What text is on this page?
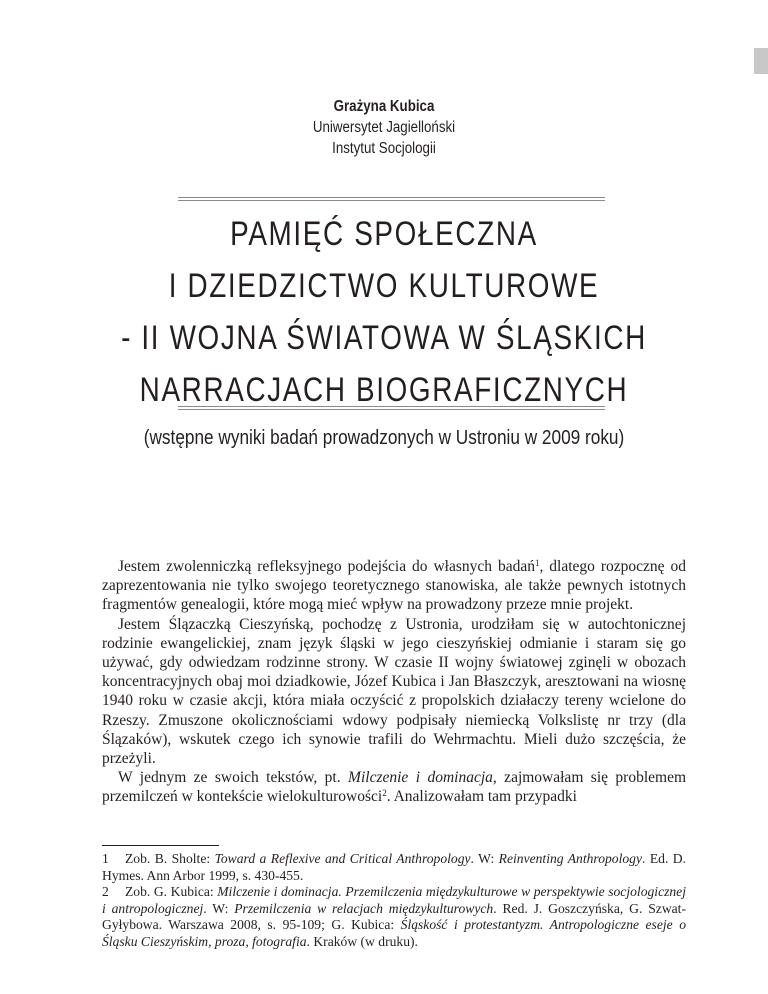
Grażyna Kubica
Uniwersytet Jagielloński
Instytut Socjologii
PAMIĘĆ SPOŁECZNA
I DZIEDZICTWO KULTUROWE
- II WOJNA ŚWIATOWA W ŚLĄSKICH
NARRACJACH BIOGRAFICZNYCH
(wstępne wyniki badań prowadzonych w Ustroniu w 2009 roku)

Jestem zwolenniczką refleksyjnego podejścia do własnych badań$^1$, dlatego rozpocznę od zaprezentowania nie tylko swojego teoretycznego stanowiska, ale także pewnych istotnych fragmentów genealogii, które mogą mieć wpływ na prowadzony przeze mnie projekt.

Jestem Ślązaczką Cieszyńską, pochodzę z Ustronia, urodziłam się w autochtonicznej rodzinie ewangelickiej, znam język śląski w jego cieszyńskiej odmianie i staram się go używać, gdy odwiedzam rodzinne strony. W czasie II wojny światowej zginęli w obozach koncentracyjnych obaj moi dziadkowie, Józef Kubica i Jan Błaszczyk, aresztowani na wiosnę 1940 roku w czasie akcji, która miała oczyścić z propolskich działaczy tereny wcielone do Rzeszy. Zmuszone okolicznościami wdowy podpisały niemiecką Volkslistę nr trzy (dla Ślązaków), wskutek czego ich synowie trafili do Wehrmachtu. Mieli dużo szczęścia, że przeżyli.

W jednym ze swoich tekstów, pt. Milczenie i dominacja, zajmowałam się problemem przemilczeń w kontekście wielokulturowości$^2$. Analizowałam tam przypadki

1 Zob. B. Sholte: Toward a Reflexive and Critical Anthropology. W: Reinventing Anthropology. Ed. D. Hymes. Ann Arbor 1999, s. 430-455.

2 Zob. G. Kubica: Milczenie i dominacja. Przemilczenia międzykulturowe w perspektywie socjologicznej i antropologicznej. W: Przemilczenia w relacjach międzykulturowych. Red. J. Goszczyńska, G. Szwat-Gyłybowa. Warszawa 2008, s. 95-109; G. Kubica: Śląskość i protestantyzm. Antropologiczne eseje o Śląsku Cieszyńskim, proza, fotografia. Kraków (w druku).
